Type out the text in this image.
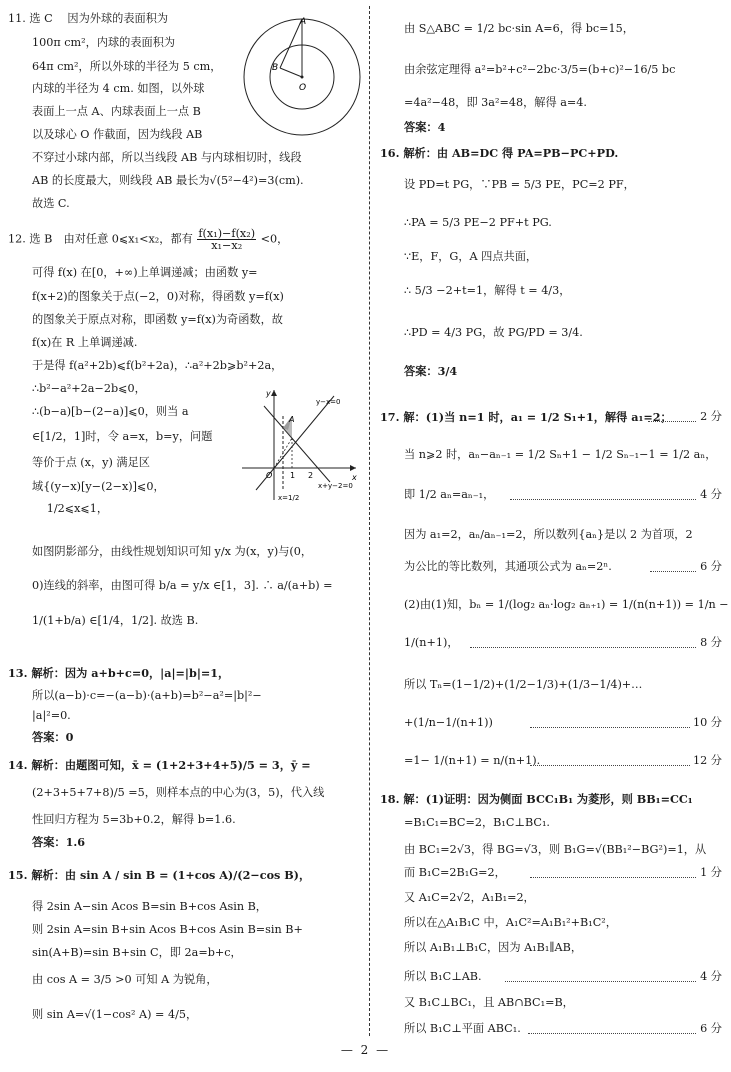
11. 选 C　 因为外球的表面积为
100π cm²，内球的表面积为
64π cm²，所以外球的半径为 5 cm，
内球的半径为 4 cm. 如图，以外球
表面上一点 A、内球表面上一点 B
以及球心 O 作截面，因为线段 AB
不穿过小球内部，所以当线段 AB 与内球相切时，线段
AB 的长度最大，则线段 AB 最长为√(5²−4²)=3(cm).
故选 C.
A
B
O
12. 选 B　由对任意 0⩽x₁<x₂，都有 $\frac{\text{f(x₁)−f(x₂)}}{\text{x₁−x₂}} <0$，
可得 f(x) 在[0，+∞)上单调递减；由函数 y=
f(x+2)的图象关于点(−2，0)对称，得函数 y=f(x)
的图象关于原点对称，即函数 y=f(x)为奇函数，故
f(x)在 R 上单调递减.
于是得 f(a²+2b)⩽f(b²+2a)，∴a²+2b⩾b²+2a，
∴b²−a²+2a−2b⩽0，
∴(b−a)[b−(2−a)]⩽0，则当 a
∈[1/2，1]时，令 a=x，b=y，问题
等价于点 (x，y) 满足区
域{(y−x)[y−(2−x)]⩽0，
　 1/2⩽x⩽1，
如图阴影部分，由线性规划知识可知 y/x 为(x，y)与(0，
0)连线的斜率，由图可得 b/a = y/x ∈[1，3]. ∴ a/(a+b) =
1/(1+b/a) ∈[1/4，1/2]. 故选 B.
y
x
O 1 2
A
y−x=0
x+y−2=0
x=1/2
13. 解析：因为 a+b+c=0，|a|=|b|=1，
所以(a−b)·c=−(a−b)·(a+b)=b²−a²=|b|²−
|a|²=0.
答案：0
14. 解析：由题图可知，x̄ = (1+2+3+4+5)/5 = 3，ȳ =
(2+3+5+7+8)/5 =5，则样本点的中心为(3，5)，代入线
性回归方程为 5=3b+0.2，解得 b=1.6.
答案：1.6
15. 解析：由 sin A / sin B = (1+cos A)/(2−cos B)，
得 2sin A−sin Acos B=sin B+cos Asin B，
则 2sin A=sin B+sin Acos B+cos Asin B=sin B+
sin(A+B)=sin B+sin C，即 2a=b+c，
由 cos A = 3/5 >0 可知 A 为锐角，
则 sin A=√(1−cos² A) = 4/5，
由 S△ABC = 1/2 bc·sin A=6，得 bc=15，
由余弦定理得 a²=b²+c²−2bc·3/5=(b+c)²−16/5 bc
=4a²−48，即 3a²=48，解得 a=4.
答案：4
16. 解析：由 AB=DC 得 PA=PB−PC+PD.
设 PD=t PG，∵PB = 5/3 PE，PC=2 PF，
∴PA = 5/3 PE−2 PF+t PG.
∵E，F，G，A 四点共面，
∴ 5/3 −2+t=1，解得 t = 4/3，
∴PD = 4/3 PG，故 PG/PD = 3/4.
答案：3/4
17. 解：(1)当 n=1 时，a₁ = 1/2 S₁+1，解得 a₁=2；	2 分
当 n⩾2 时，aₙ−aₙ₋₁ = 1/2 Sₙ+1 − 1/2 Sₙ₋₁−1 = 1/2 aₙ，
即 1/2 aₙ=aₙ₋₁，	4 分
因为 a₁=2，aₙ/aₙ₋₁=2，所以数列{aₙ}是以 2 为首项，2
为公比的等比数列，其通项公式为 aₙ=2ⁿ.	6 分
(2)由(1)知，bₙ = 1/(log₂ aₙ·log₂ aₙ₊₁) = 1/(n(n+1)) = 1/n −
1/(n+1)，	8 分
所以 Tₙ=(1−1/2)+(1/2−1/3)+(1/3−1/4)+…
+(1/n−1/(n+1))	10 分
=1− 1/(n+1) = n/(n+1).	12 分
18. 解：(1)证明：因为侧面 BCC₁B₁ 为菱形，则 BB₁=CC₁
=B₁C₁=BC=2，B₁C⊥BC₁.
由 BC₁=2√3，得 BG=√3，则 B₁G=√(BB₁²−BG²)=1，从
而 B₁C=2B₁G=2，	1 分
又 A₁C=2√2，A₁B₁=2，
所以在△A₁B₁C 中，A₁C²=A₁B₁²+B₁C²，
所以 A₁B₁⊥B₁C，因为 A₁B₁∥AB，
所以 B₁C⊥AB.	4 分
又 B₁C⊥BC₁，且 AB∩BC₁=B，
所以 B₁C⊥平面 ABC₁.	6 分
— 2 —
